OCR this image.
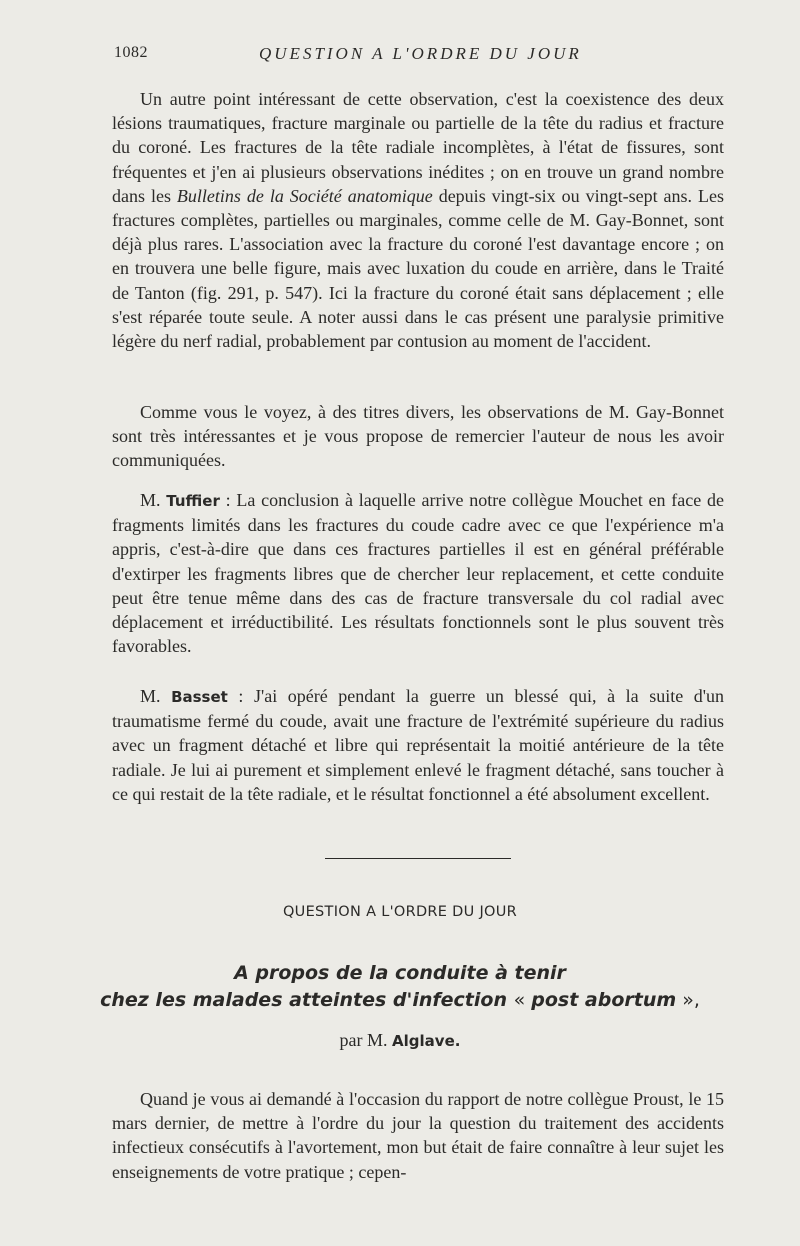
1082	QUESTION A L'ORDRE DU JOUR

Un autre point intéressant de cette observation, c'est la coexistence des deux lésions traumatiques, fracture marginale ou partielle de la tête du radius et fracture du coroné. Les fractures de la tête radiale incomplètes, à l'état de fissures, sont fréquentes et j'en ai plusieurs observations inédites ; on en trouve un grand nombre dans les Bulletins de la Société anatomique depuis vingt-six ou vingt-sept ans. Les fractures complètes, partielles ou marginales, comme celle de M. Gay-Bonnet, sont déjà plus rares. L'association avec la fracture du coroné l'est davantage encore ; on en trouvera une belle figure, mais avec luxation du coude en arrière, dans le Traité de Tanton (fig. 291, p. 547). Ici la fracture du coroné était sans déplacement ; elle s'est réparée toute seule. A noter aussi dans le cas présent une paralysie primitive légère du nerf radial, probablement par contusion au moment de l'accident.

Comme vous le voyez, à des titres divers, les observations de M. Gay-Bonnet sont très intéressantes et je vous propose de remercier l'auteur de nous les avoir communiquées.

M. Tuffier : La conclusion à laquelle arrive notre collègue Mouchet en face de fragments limités dans les fractures du coude cadre avec ce que l'expérience m'a appris, c'est-à-dire que dans ces fractures partielles il est en général préférable d'extirper les fragments libres que de chercher leur replacement, et cette conduite peut être tenue même dans des cas de fracture transversale du col radial avec déplacement et irréductibilité. Les résultats fonctionnels sont le plus souvent très favorables.

M. Basset : J'ai opéré pendant la guerre un blessé qui, à la suite d'un traumatisme fermé du coude, avait une fracture de l'extrémité supérieure du radius avec un fragment détaché et libre qui représentait la moitié antérieure de la tête radiale. Je lui ai purement et simplement enlevé le fragment détaché, sans toucher à ce qui restait de la tête radiale, et le résultat fonctionnel a été absolument excellent.

QUESTION A L'ORDRE DU JOUR
A propos de la conduite à tenir
chez les malades atteintes d'infection « post abortum »,
par M. Alglave.

Quand je vous ai demandé à l'occasion du rapport de notre collègue Proust, le 15 mars dernier, de mettre à l'ordre du jour la question du traitement des accidents infectieux consécutifs à l'avortement, mon but était de faire connaître à leur sujet les enseignements de votre pratique ; cepen-
